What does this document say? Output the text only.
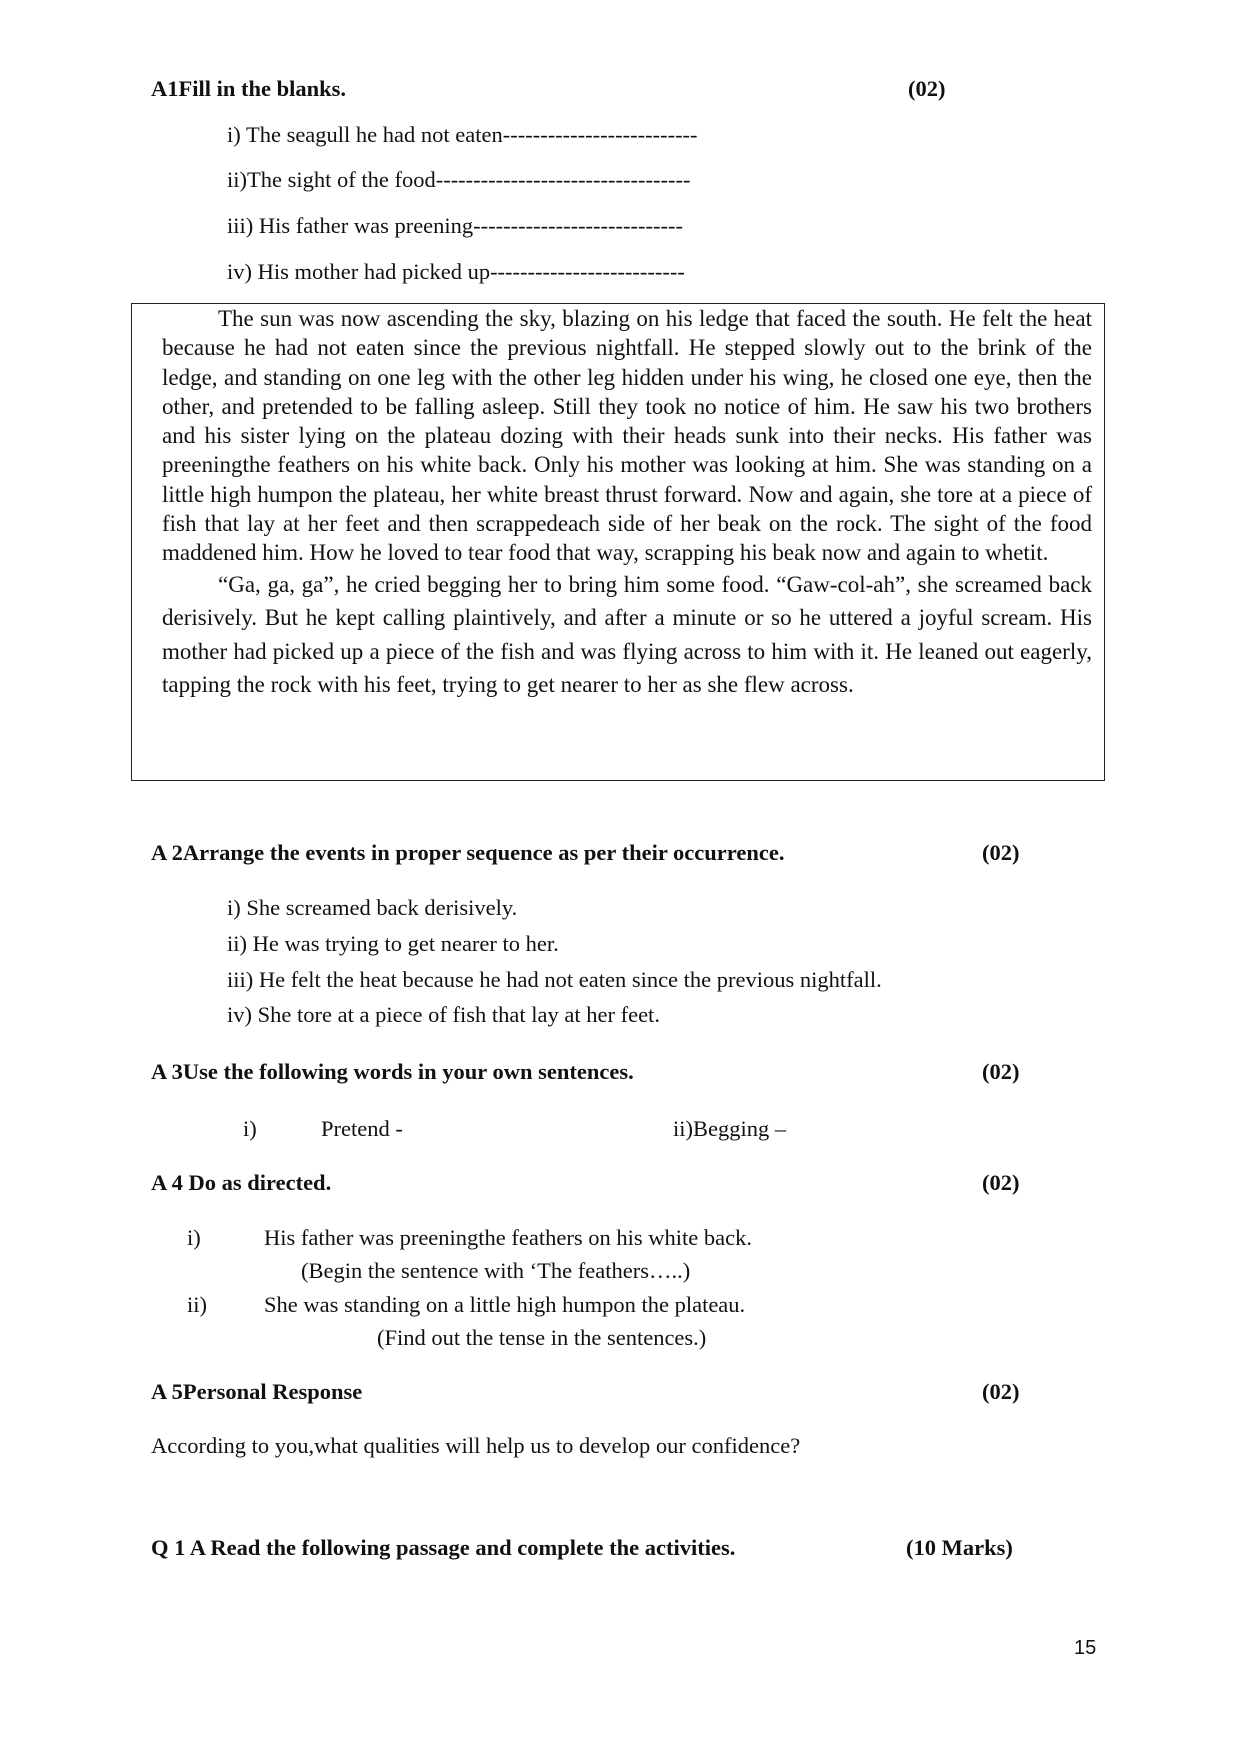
A1Fill in the blanks.	(02)
i) The seagull he had not eaten--------------------------
ii)The sight of the food----------------------------------
iii) His father was preening----------------------------
iv) His mother had picked up--------------------------

The sun was now ascending the sky, blazing on his ledge that faced the south. He felt the heat because he had not eaten since the previous nightfall. He stepped slowly out to the brink of the ledge, and standing on one leg with the other leg hidden under his wing, he closed one eye, then the other, and pretended to be falling asleep. Still they took no notice of him. He saw his two brothers and his sister lying on the plateau dozing with their heads sunk into their necks. His father was preeningthe feathers on his white back. Only his mother was looking at him. She was standing on a little high humpon the plateau, her white breast thrust forward. Now and again, she tore at a piece of fish that lay at her feet and then scrappedeach side of her beak on the rock. The sight of the food maddened him. How he loved to tear food that way, scrapping his beak now and again to whetit.

“Ga, ga, ga”, he cried begging her to bring him some food. “Gaw-col-ah”, she screamed back derisively. But he kept calling plaintively, and after a minute or so he uttered a joyful scream. His mother had picked up a piece of the fish and was flying across to him with it. He leaned out eagerly, tapping the rock with his feet, trying to get nearer to her as she flew across.

A 2Arrange the events in proper sequence as per their occurrence.	(02)
i) She screamed back derisively.
ii) He was trying to get nearer to her.
iii) He felt the heat because he had not eaten since the previous nightfall.
iv) She tore at a piece of fish that lay at her feet.
A 3Use the following words in your own sentences.	(02)
i)	Pretend -	ii)Begging –
A 4 Do as directed.	(02)
i)	His father was preeningthe feathers on his white back.
(Begin the sentence with ‘The feathers…..)
ii)	She was standing on a little high humpon the plateau.
(Find out the tense in the sentences.)
A 5Personal Response	(02)
According to you,what qualities will help us to develop our confidence?
Q 1 A Read the following passage and complete the activities.	(10 Marks)
15
